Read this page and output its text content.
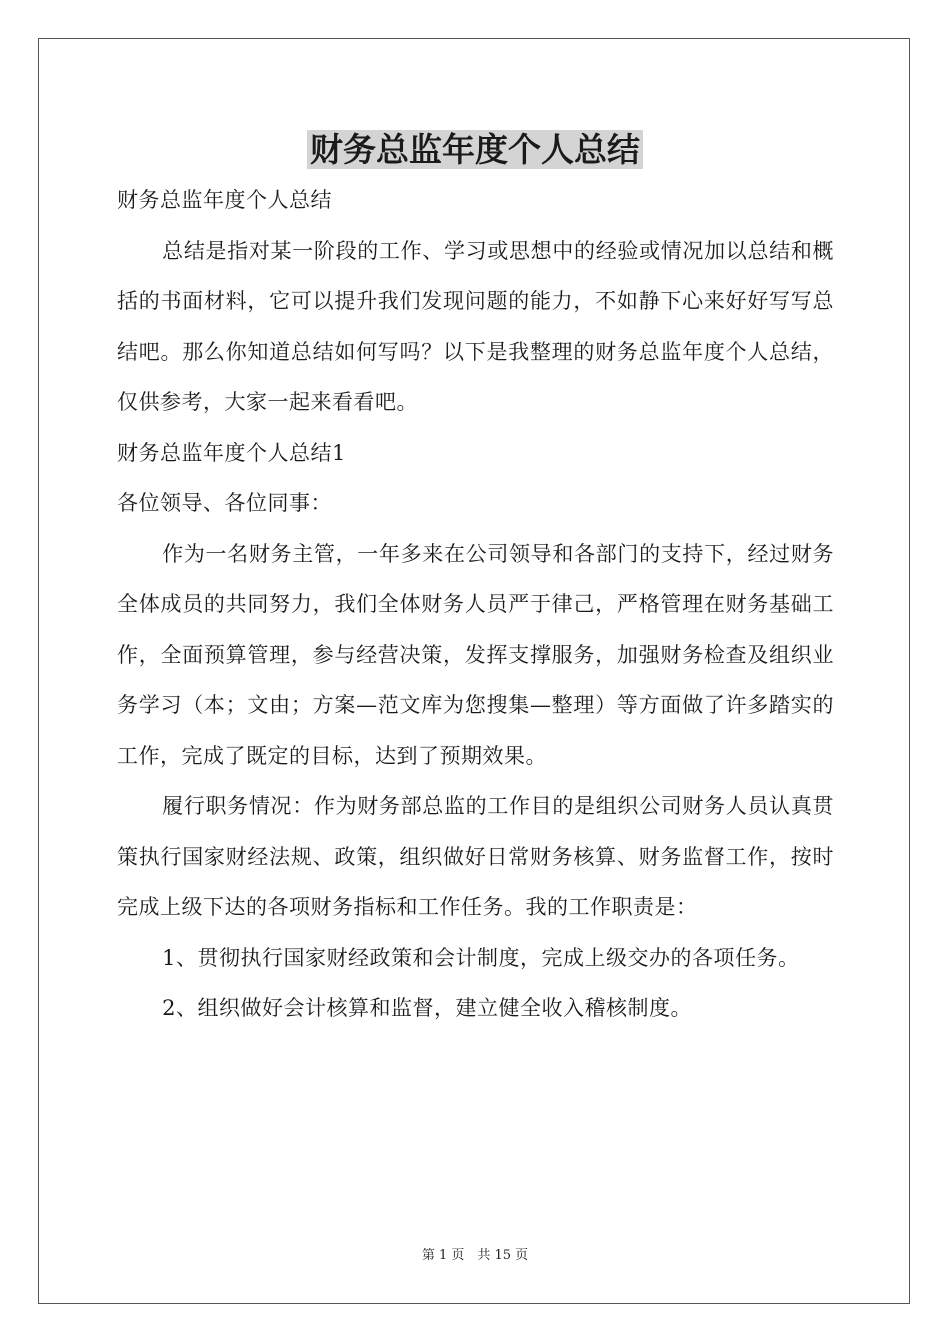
财务总监年度个人总结

财务总监年度个人总结

总结是指对某一阶段的工作、学习或思想中的经验或情况加以总结和概括的书面材料，它可以提升我们发现问题的能力，不如静下心来好好写写总结吧。那么你知道总结如何写吗？以下是我整理的财务总监年度个人总结，仅供参考，大家一起来看看吧。

财务总监年度个人总结1

各位领导、各位同事：

作为一名财务主管，一年多来在公司领导和各部门的支持下，经过财务全体成员的共同努力，我们全体财务人员严于律己，严格管理在财务基础工作，全面预算管理，参与经营决策，发挥支撑服务，加强财务检查及组织业务学习（本；文由；方案—范文库为您搜集—整理）等方面做了许多踏实的工作，完成了既定的目标，达到了预期效果。

履行职务情况：作为财务部总监的工作目的是组织公司财务人员认真贯策执行国家财经法规、政策，组织做好日常财务核算、财务监督工作，按时完成上级下达的各项财务指标和工作任务。我的工作职责是：

1、贯彻执行国家财经政策和会计制度，完成上级交办的各项任务。

2、组织做好会计核算和监督，建立健全收入稽核制度。

第 1 页　共 15 页
